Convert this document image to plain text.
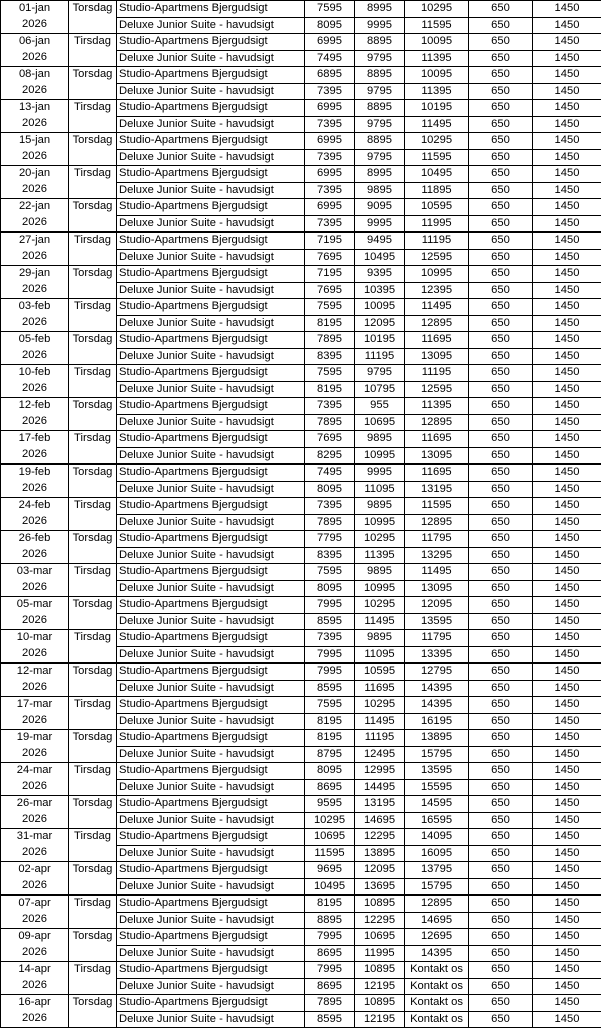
01-jan	Torsdag	Studio-Apartmens Bjergudsigt	7595	8995	10295	650	1450
2026		Deluxe Junior Suite - havudsigt	8095	9995	11595	650	1450
06-jan	Tirsdag	Studio-Apartmens Bjergudsigt	6995	8895	10095	650	1450
2026		Deluxe Junior Suite - havudsigt	7495	9795	11395	650	1450
08-jan	Torsdag	Studio-Apartmens Bjergudsigt	6895	8895	10095	650	1450
2026		Deluxe Junior Suite - havudsigt	7395	9795	11395	650	1450
13-jan	Tirsdag	Studio-Apartmens Bjergudsigt	6995	8895	10195	650	1450
2026		Deluxe Junior Suite - havudsigt	7395	9795	11495	650	1450
15-jan	Torsdag	Studio-Apartmens Bjergudsigt	6995	8895	10295	650	1450
2026		Deluxe Junior Suite - havudsigt	7395	9795	11595	650	1450
20-jan	Tirsdag	Studio-Apartmens Bjergudsigt	6995	8995	10495	650	1450
2026		Deluxe Junior Suite - havudsigt	7395	9895	11895	650	1450
22-jan	Torsdag	Studio-Apartmens Bjergudsigt	6995	9095	10595	650	1450
2026		Deluxe Junior Suite - havudsigt	7395	9995	11995	650	1450
27-jan	Tirsdag	Studio-Apartmens Bjergudsigt	7195	9495	11195	650	1450
2026		Deluxe Junior Suite - havudsigt	7695	10495	12595	650	1450
29-jan	Torsdag	Studio-Apartmens Bjergudsigt	7195	9395	10995	650	1450
2026		Deluxe Junior Suite - havudsigt	7695	10395	12395	650	1450
03-feb	Tirsdag	Studio-Apartmens Bjergudsigt	7595	10095	11495	650	1450
2026		Deluxe Junior Suite - havudsigt	8195	12095	12895	650	1450
05-feb	Torsdag	Studio-Apartmens Bjergudsigt	7895	10195	11695	650	1450
2026		Deluxe Junior Suite - havudsigt	8395	11195	13095	650	1450
10-feb	Tirsdag	Studio-Apartmens Bjergudsigt	7595	9795	11195	650	1450
2026		Deluxe Junior Suite - havudsigt	8195	10795	12595	650	1450
12-feb	Torsdag	Studio-Apartmens Bjergudsigt	7395	955	11395	650	1450
2026		Deluxe Junior Suite - havudsigt	7895	10695	12895	650	1450
17-feb	Tirsdag	Studio-Apartmens Bjergudsigt	7695	9895	11695	650	1450
2026		Deluxe Junior Suite - havudsigt	8295	10995	13095	650	1450
19-feb	Torsdag	Studio-Apartmens Bjergudsigt	7495	9995	11695	650	1450
2026		Deluxe Junior Suite - havudsigt	8095	11095	13195	650	1450
24-feb	Tirsdag	Studio-Apartmens Bjergudsigt	7395	9895	11595	650	1450
2026		Deluxe Junior Suite - havudsigt	7895	10995	12895	650	1450
26-feb	Torsdag	Studio-Apartmens Bjergudsigt	7795	10295	11795	650	1450
2026		Deluxe Junior Suite - havudsigt	8395	11395	13295	650	1450
03-mar	Tirsdag	Studio-Apartmens Bjergudsigt	7595	9895	11495	650	1450
2026		Deluxe Junior Suite - havudsigt	8095	10995	13095	650	1450
05-mar	Torsdag	Studio-Apartmens Bjergudsigt	7995	10295	12095	650	1450
2026		Deluxe Junior Suite - havudsigt	8595	11495	13595	650	1450
10-mar	Tirsdag	Studio-Apartmens Bjergudsigt	7395	9895	11795	650	1450
2026		Deluxe Junior Suite - havudsigt	7995	11095	13395	650	1450
12-mar	Torsdag	Studio-Apartmens Bjergudsigt	7995	10595	12795	650	1450
2026		Deluxe Junior Suite - havudsigt	8595	11695	14395	650	1450
17-mar	Tirsdag	Studio-Apartmens Bjergudsigt	7595	10295	14395	650	1450
2026		Deluxe Junior Suite - havudsigt	8195	11495	16195	650	1450
19-mar	Torsdag	Studio-Apartmens Bjergudsigt	8195	11195	13895	650	1450
2026		Deluxe Junior Suite - havudsigt	8795	12495	15795	650	1450
24-mar	Tirsdag	Studio-Apartmens Bjergudsigt	8095	12995	13595	650	1450
2026		Deluxe Junior Suite - havudsigt	8695	14495	15595	650	1450
26-mar	Torsdag	Studio-Apartmens Bjergudsigt	9595	13195	14595	650	1450
2026		Deluxe Junior Suite - havudsigt	10295	14695	16595	650	1450
31-mar	Tirsdag	Studio-Apartmens Bjergudsigt	10695	12295	14095	650	1450
2026		Deluxe Junior Suite - havudsigt	11595	13895	16095	650	1450
02-apr	Torsdag	Studio-Apartmens Bjergudsigt	9695	12095	13795	650	1450
2026		Deluxe Junior Suite - havudsigt	10495	13695	15795	650	1450
07-apr	Tirsdag	Studio-Apartmens Bjergudsigt	8195	10895	12895	650	1450
2026		Deluxe Junior Suite - havudsigt	8895	12295	14695	650	1450
09-apr	Torsdag	Studio-Apartmens Bjergudsigt	7995	10695	12695	650	1450
2026		Deluxe Junior Suite - havudsigt	8695	11995	14395	650	1450
14-apr	Tirsdag	Studio-Apartmens Bjergudsigt	7995	10895	Kontakt os	650	1450
2026		Deluxe Junior Suite - havudsigt	8695	12195	Kontakt os	650	1450
16-apr	Torsdag	Studio-Apartmens Bjergudsigt	7895	10895	Kontakt os	650	1450
2026		Deluxe Junior Suite - havudsigt	8595	12195	Kontakt os	650	1450
